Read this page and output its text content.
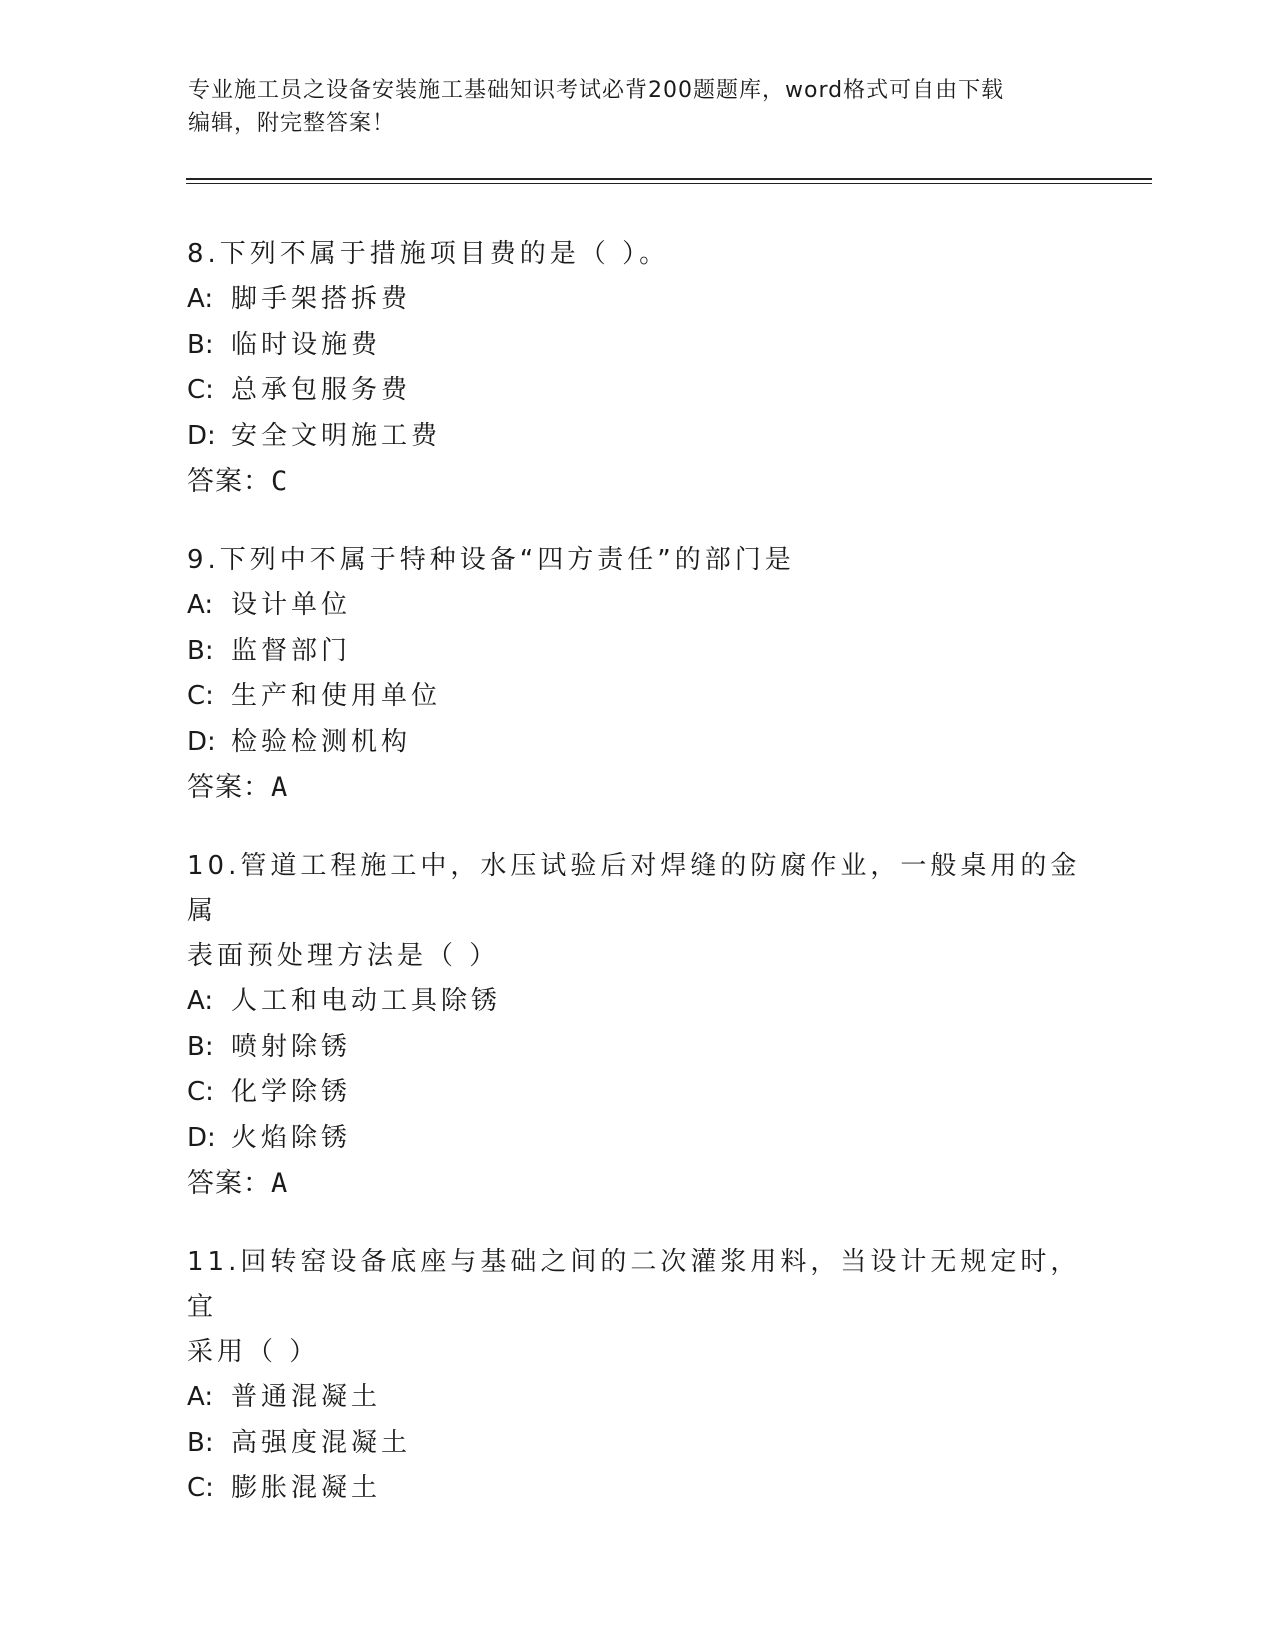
专业施工员之设备安装施工基础知识考试必背200题题库，word格式可自由下载
编辑，附完整答案！
8.下列不属于措施项目费的是（ ）。
A: 脚手架搭拆费
B: 临时设施费
C: 总承包服务费
D: 安全文明施工费
答案：C
9.下列中不属于特种设备“四方责任”的部门是
A: 设计单位
B: 监督部门
C: 生产和使用单位
D: 检验检测机构
答案：A
10.管道工程施工中，水压试验后对焊缝的防腐作业，一般桌用的金属
表面预处理方法是（ ）
A: 人工和电动工具除锈
B: 喷射除锈
C: 化学除锈
D: 火焰除锈
答案：A
11.回转窑设备底座与基础之间的二次灌浆用料，当设计无规定时，宜
采用（ ）
A: 普通混凝土
B: 高强度混凝土
C: 膨胀混凝土
